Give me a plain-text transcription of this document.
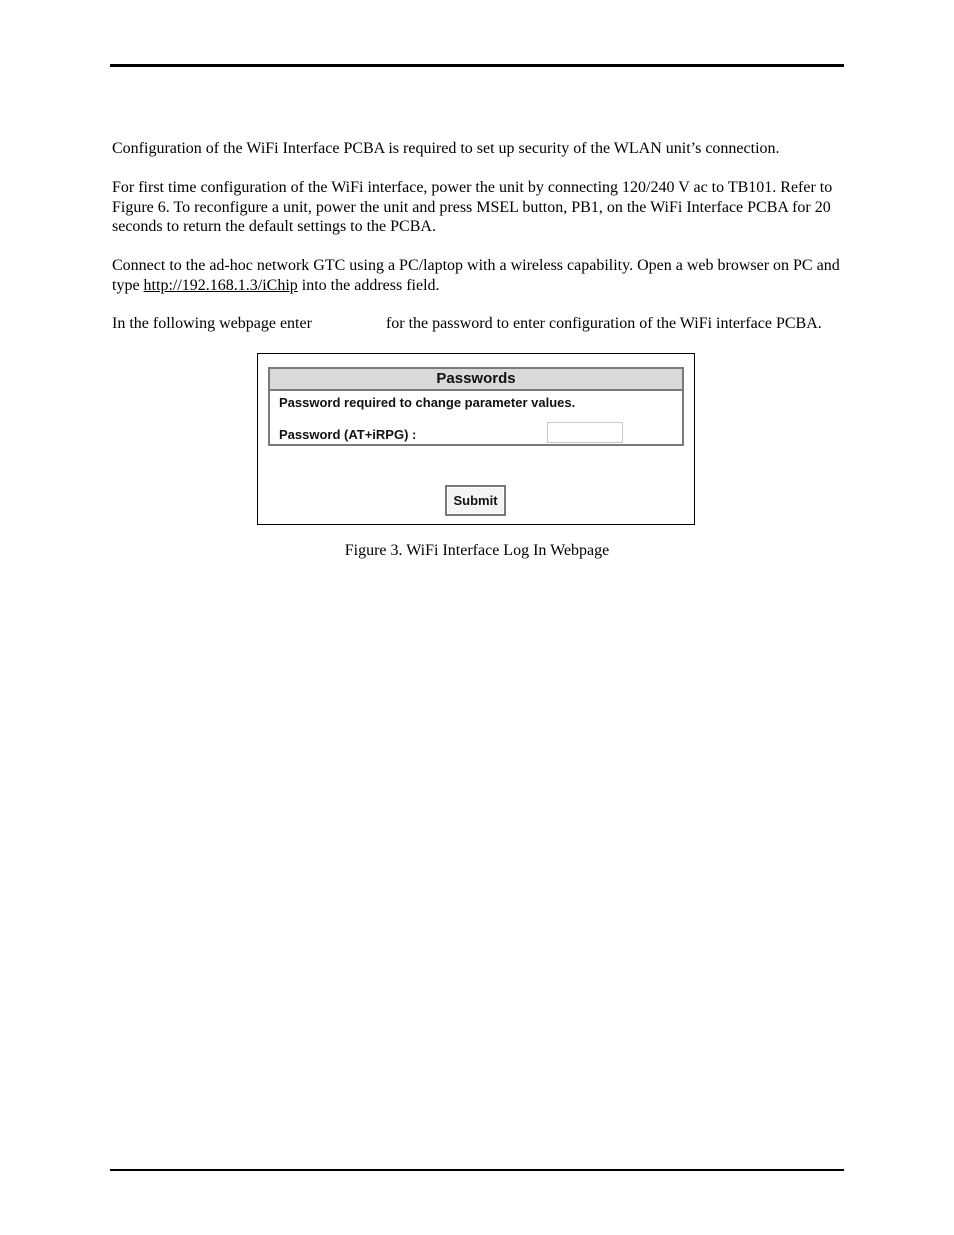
Configuration of the WiFi Interface PCBA is required to set up security of the WLAN unit’s connection.

For first time configuration of the WiFi interface, power the unit by connecting 120/240 V ac to TB101. Refer to Figure 6. To reconfigure a unit, power the unit and press MSEL button, PB1, on the WiFi Interface PCBA for 20 seconds to return the default settings to the PCBA.

Connect to the ad-hoc network GTC using a PC/laptop with a wireless capability. Open a web browser on PC and type http://192.168.1.3/iChip into the address field.

In the following webpage enter	for the password to enter configuration of the WiFi interface PCBA.

Passwords
Password required to change parameter values.
Password (AT+iRPG) :
Submit
Figure 3. WiFi Interface Log In Webpage
